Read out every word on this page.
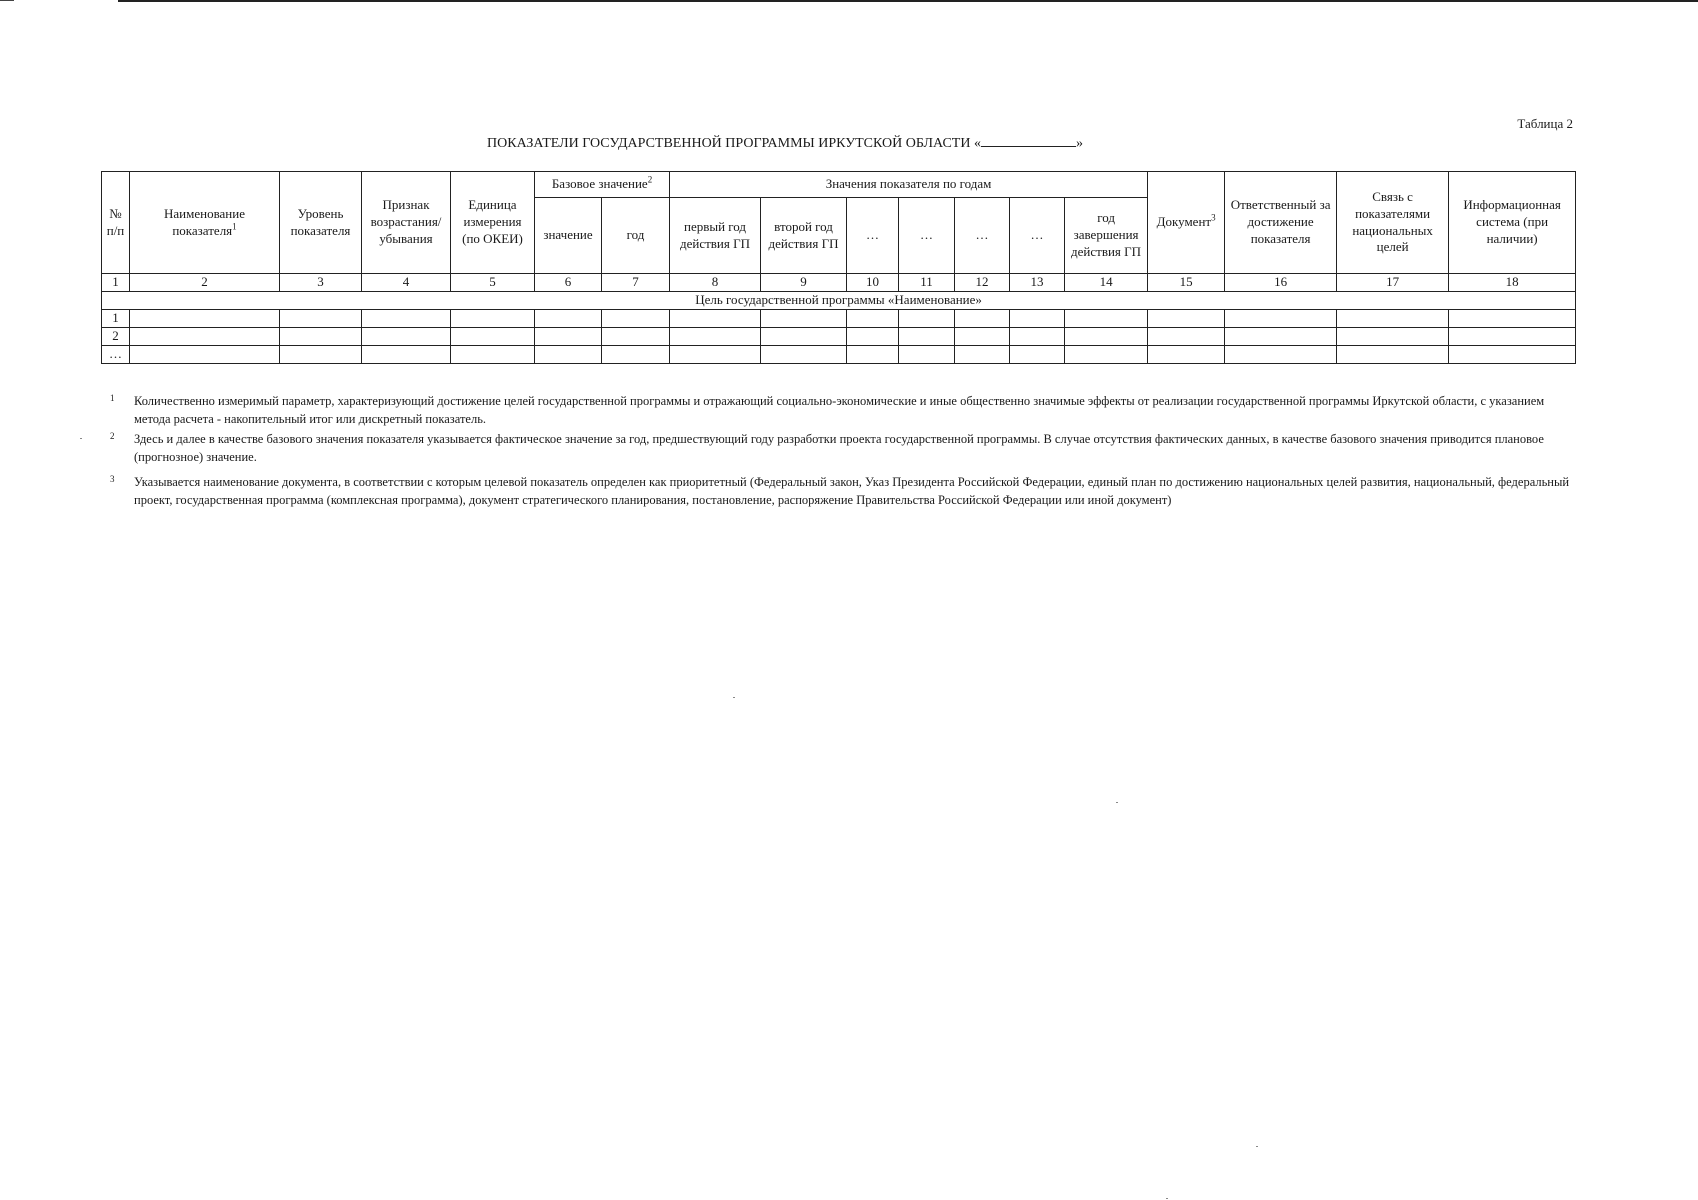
Таблица 2
ПОКАЗАТЕЛИ ГОСУДАРСТВЕННОЙ ПРОГРАММЫ ИРКУТСКОЙ ОБЛАСТИ «	»
№ п/п	Наименование показателя$^1$	Уровень показателя	Признак возрастания/ убывания	Единица измерения (по ОКЕИ)	Базовое значение$^2$		Значения показателя по годам							Документ$^3$	Ответственный за достижение показателя	Связь с показателями национальных целей	Информационная система (при наличии)
					значение	год	первый год действия ГП	второй год действия ГП	…	…	…	…	год завершения действия ГП				
1	2	3	4	5	6	7	8	9	10	11	12	13	14	15	16	17	18
Цель государственной программы «Наименование»																	
1																	
2																	
…																	
1	Количественно измеримый параметр, характеризующий достижение целей государственной программы и отражающий социально-экономические и иные общественно значимые эффекты от реализации государственной программы Иркутской области, с указанием метода расчета - накопительный итог или дискретный показатель.
2	Здесь и далее в качестве базового значения показателя указывается фактическое значение за год, предшествующий году разработки проекта государственной программы. В случае отсутствия фактических данных, в качестве базового значения приводится плановое (прогнозное) значение.
3	Указывается наименование документа, в соответствии с которым целевой показатель определен как приоритетный (Федеральный закон, Указ Президента Российской Федерации, единый план по достижению национальных целей развития, национальный, федеральный проект, государственная программа (комплексная программа), документ стратегического планирования, постановление, распоряжение Правительства Российской Федерации или иной документ)
